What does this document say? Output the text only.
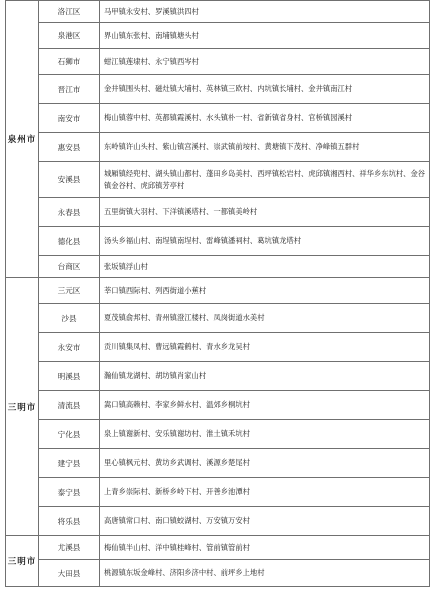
泉州市	洛江区	马甲镇永安村、罗溪镇洪四村
	泉港区	界山镇东张村、南埔镇塘头村
	石狮市	蚶江镇莲埭村、永宁镇西岑村
	晋江市	金井镇围头村、磁灶镇大埔村、英林镇三欧村、内坑镇长埔村、金井镇南江村
	南安市	梅山镇蓉中村、英都镇霞溪村、水头镇朴一村、省新镇省身村、官桥镇园溪村
	惠安县	东岭镇许山头村、紫山镇宫溪村、崇武镇前垵村、黄塘镇下茂村、净峰镇五群村
	安溪县	城厢镇经兜村、湖头镇山都村、蓬田乡岛美村、西坪镇松岩村、虎邱镇湘西村、祥华乡东坑村、金谷镇金谷村、虎邱镇芳亭村
	永春县	五里街镇大羽村、下洋镇溪塔村、一都镇美岭村
	德化县	汤头乡福山村、南埕镇南埕村、雷峰镇潘祠村、葛坑镇龙塔村
	台商区	张坂镇浮山村
三明市	三元区	莘口镇西际村、列西街道小蕉村
	沙县	夏茂镇俞邦村、青州镇澄江楼村、凤岗街道水美村
	永安市	贡川镇集凤村、曹远镇霞鹤村、青水乡龙吴村
	明溪县	瀚仙镇龙湖村、胡坊镇肖家山村
	清流县	嵩口镇高赖村、李家乡鲜水村、温郊乡桐坑村
	宁化县	泉上镇谢新村、安乐镇谢坊村、淮土镇禾坑村
	建宁县	里心镇枫元村、黄坊乡武调村、溪源乡楚尾村
	泰宁县	上青乡崇际村、新桥乡岭下村、开善乡池潭村
	将乐县	高唐镇常口村、南口镇蛟湖村、万安镇万安村
三明市	尤溪县	梅仙镇半山村、洋中镇桂峰村、管前镇管前村
	大田县	桃源镇东坂金峰村、济阳乡济中村、前坪乡上地村
